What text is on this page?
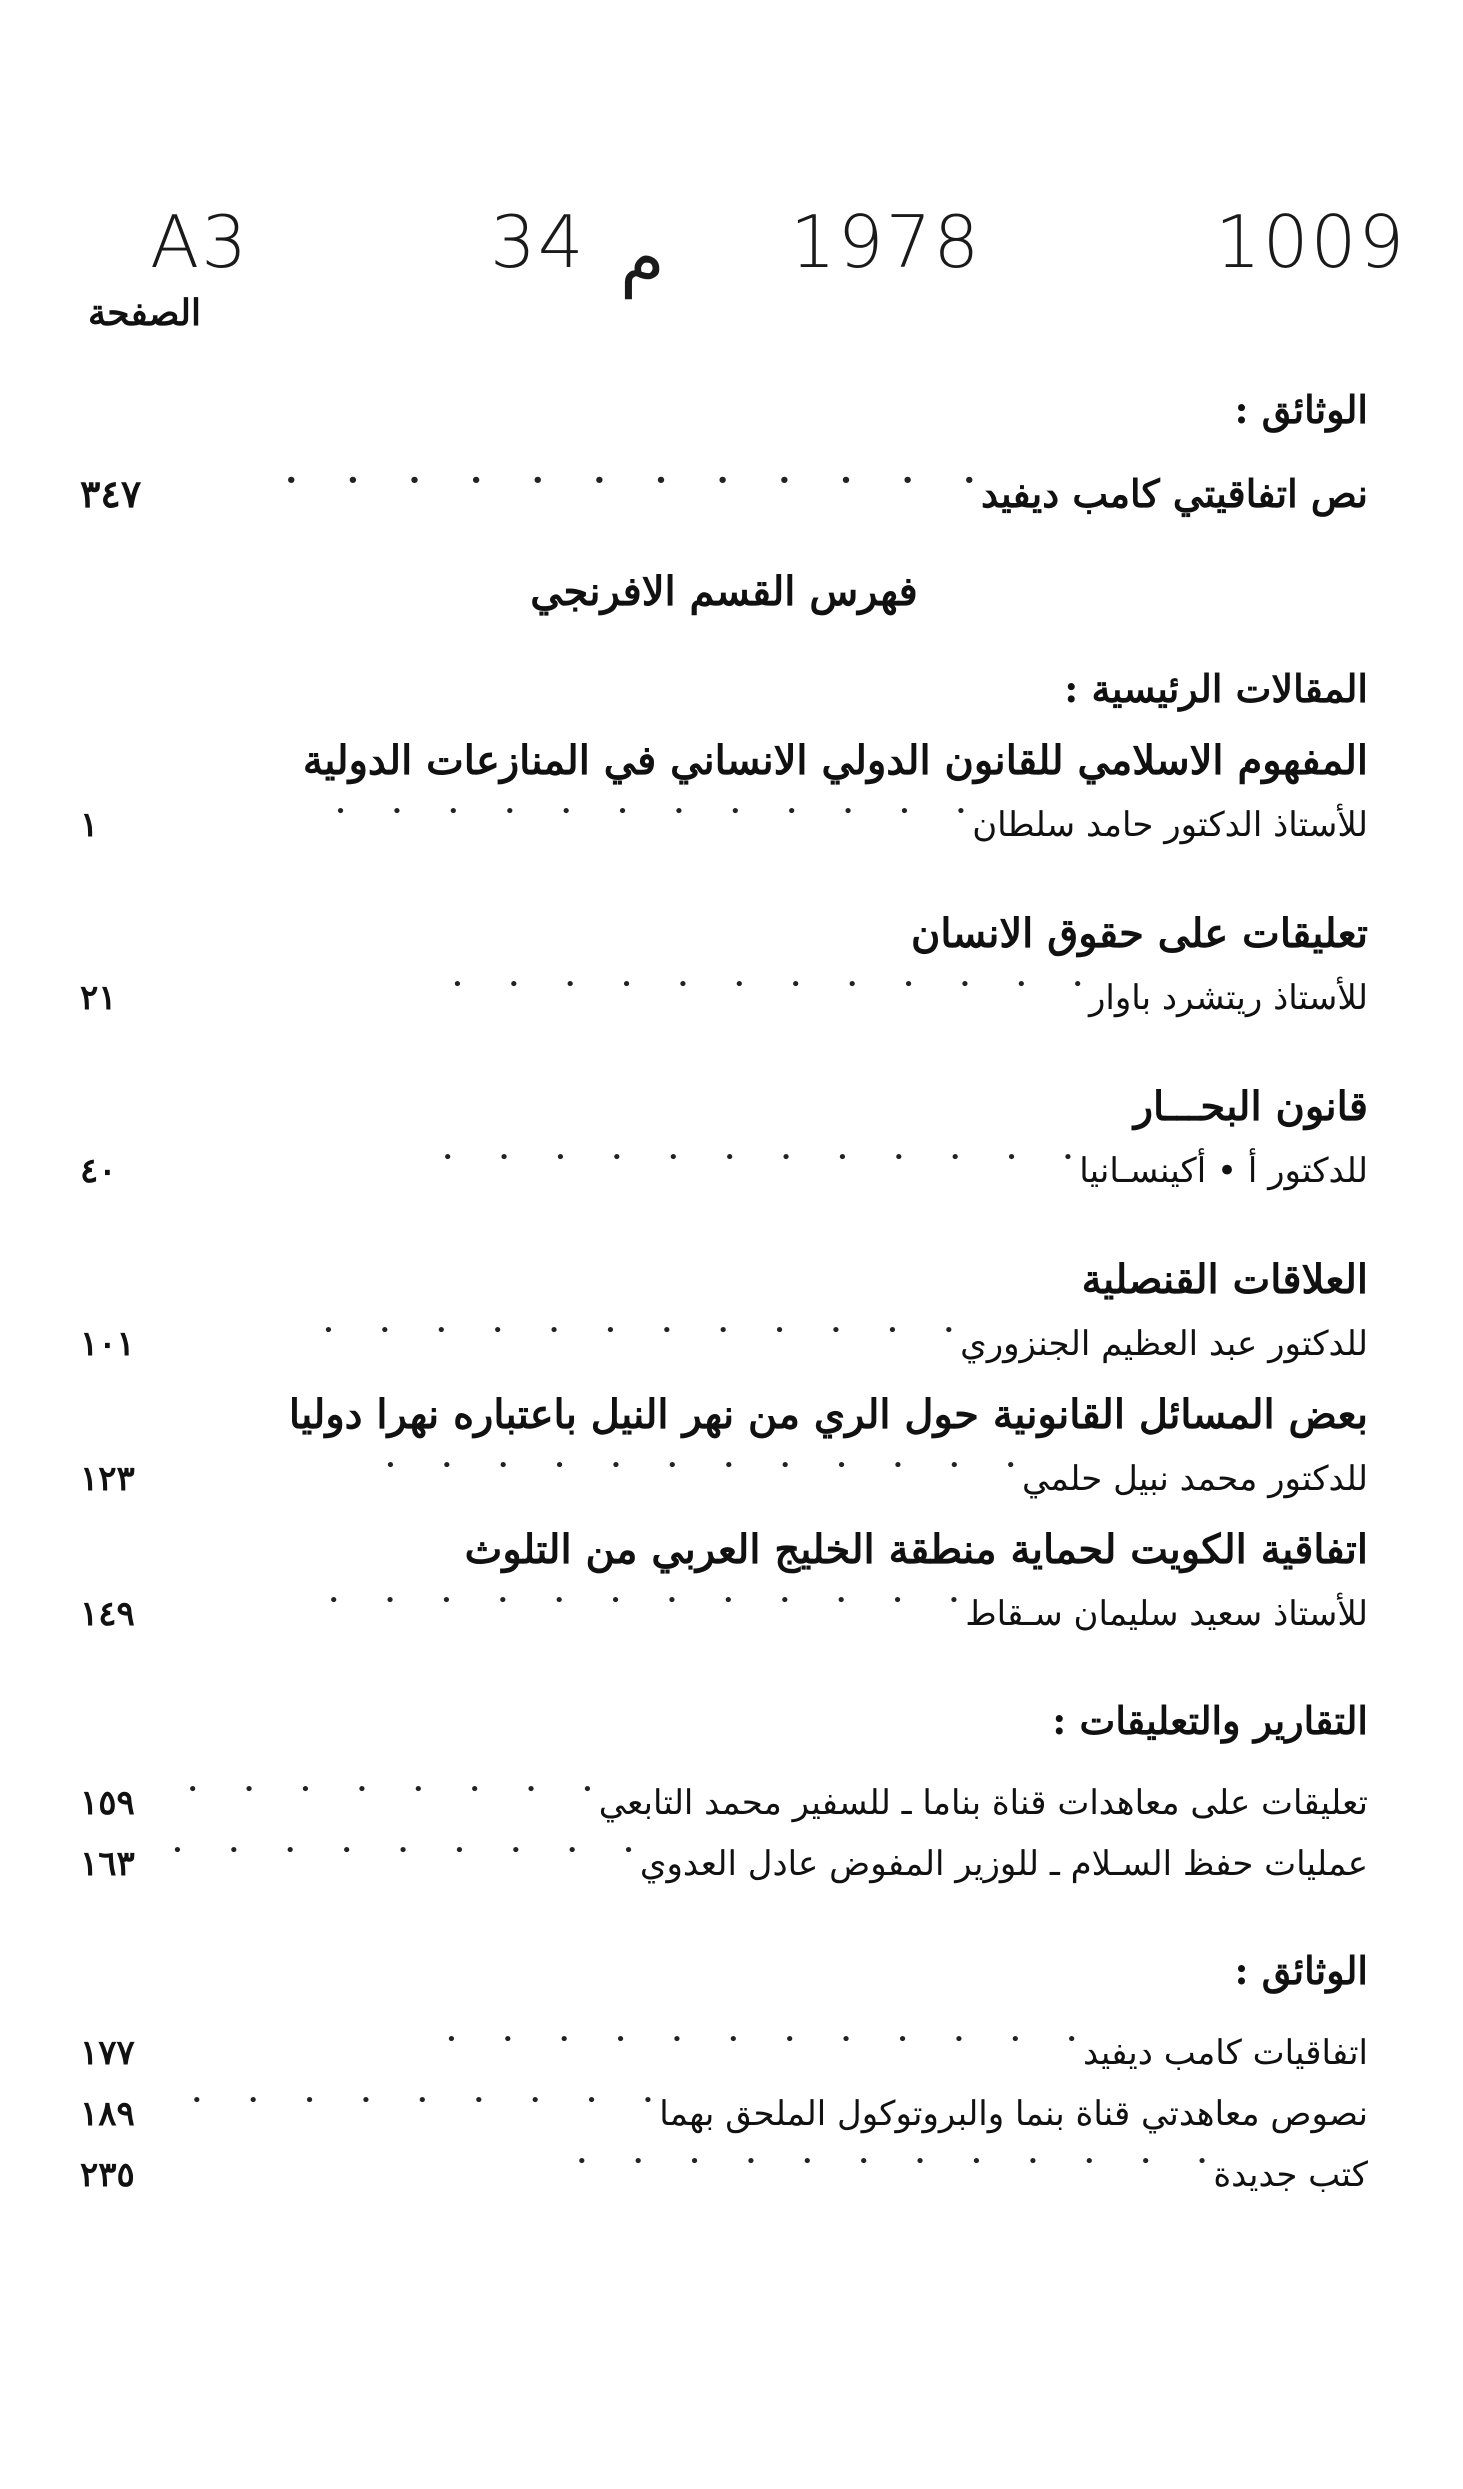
A3	34 م 1978	1009
الصفحة
الوثائق :
نص اتفاقيتي كامب ديفيد
•
٣٤٧
فهرس القسم الافرنجي
المقالات الرئيسية :
المفهوم الاسلامي للقانون الدولي الانساني في المنازعات الدولية
للأستاذ الدكتور حامد سلطان
•
١
تعليقات على حقوق الانسان
للأستاذ ريتشرد باوار
•
٢١
قانون البحـــار
للدكتور أ • أكينسـانيا
•
٤٠
العلاقات القنصلية
للدكتور عبد العظيم الجنزوري
•
١٠١
بعض المسائل القانونية حول الري من نهر النيل باعتباره نهرا دوليا
للدكتور محمد نبيل حلمي
•
١٢٣
اتفاقية الكويت لحماية منطقة الخليج العربي من التلوث
للأستاذ سعيد سليمان سـقاط
•
١٤٩
التقارير والتعليقات :
تعليقات على معاهدات قناة بناما ـ للسفير محمد التابعي
•
١٥٩
عمليات حفظ السـلام ـ للوزير المفوض عادل العدوي
•
١٦٣
الوثائق :
اتفاقيات كامب ديفيد
•
١٧٧
نصوص معاهدتي قناة بنما والبروتوكول الملحق بهما
•
١٨٩
كتب جديدة
•
٢٣٥
